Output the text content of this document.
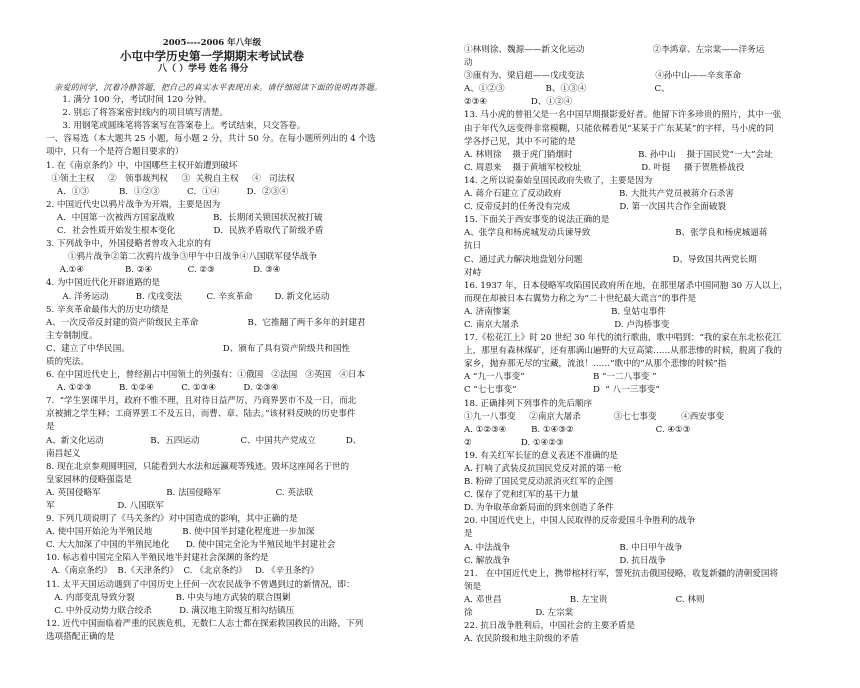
2005----2006 年八年级
小屯中学历史第一学期期末考试试卷
八（ ）学号 姓名 得分
亲爱的同学，沉着冷静答题，把自己的真实水平表现出来。请仔细阅读下面的说明再答题。
1. 满分 100 分，考试时间 120 分钟。
2. 别忘了将答案密封线内的项目填写清楚。
3. 用钢笔或圆珠笔将答案写在答案卷上。考试结束，只交答卷。
一、容易选（本大题共 25 小题，每小题 2 分，共计 50 分。在每小题所列出的 4 个选
项中，只有一个是符合题目要求的）
1. 在《南京条约》中，中国哪些主权开始遭到破坏
①领土主权     ②   领事裁判权     ③  关税自主权     ④   司法权
A．①③           B．①②③          C．①④          D．②③④
2. 中国近代史以鸦片战争为开端，主要是因为
A．中国第一次被西方国家战败              B．长期闭关锁国状况被打破
C．社会性质开始发生根本变化              D．民族矛盾取代了阶级矛盾
3. 下列战争中，外国侵略者曾攻入北京的有
①鸦片战争②第二次鸦片战争③甲午中日战争④八国联军侵华战争
A.①④               B. ②④             C. ②③              D. ③④
4. 为中国近代化开辟道路的是
A. 洋务运动          B. 戊戌变法         C. 辛亥革命        D. 新文化运动
5. 辛亥革命最伟大的历史功绩是
A、一次反帝反封建的资产阶级民主革命                  B、它推翻了两千多年的封建君
主专制制度。
C、建立了中华民国。                                  D、颁布了具有资产阶级共和国性
质的宪法。
6. 在中国近代史上，曾经割占中国领土的列强有：①俄国   ②法国   ③英国   ④日本
A. ①②③          B. ①②④          C. ①③④          D. ②③④
7.  “学生罢课半月，政府不惟不理，且对待日益严厉，乃商界罢市不及一日，而北
京被捕之学生释；工商界罢工不及五日，而曹、章、陆去。”该材料反映的历史事件
是
A、新文化运动                 B、五四运动               C、中国共产党成立           D、
南昌起义
8. 现在北京参观圆明园，只能看到大水法和远瀛观等残迹。毁坏这座闻名于世的
皇家园林的侵略强盗是
A. 英国侵略军                        B. 法国侵略军                    C. 英法联
军                       D. 八国联军
9. 下列几项说明了《马关条约》对中国造成的影响，其中正确的是
A. 使中国开始沦为半殖民地           B. 使中国半封建化程度进一步加深
C. 大大加深了中国的半殖民地化      D. 使中国完全沦为半殖民地半封建社会
10. 标志着中国完全陷入半殖民地半封建社会深渊的条约是
A.《南京条约》  B.《天津条约》  C. 《北京条约》   D. 《辛丑条约》
11. 太平天国运动遇到了中国历史上任何一次农民战争不曾遇到过的新情况，即：
A. 内部变乱导致分裂               B. 中央与地方武装的联合围剿
C. 中外反动势力联合绞杀          D. 满汉地主阶级互相勾结镇压
12. 近代中国面临着严重的民族危机，无数仁人志士都在探索救国救民的出路，下列
选项搭配正确的是
①林则徐、魏源——新文化运动                         ②李鸿章、左宗棠——洋务运
动
③康有为、梁启超——戊戌变法                          ④孙中山——辛亥革命
A、①②③               B、①③④                         C、
②③④                D、①②④
13. 马小虎的曾祖父是一名中国早期摄影爱好者。他留下许多珍贵的照片，其中一张
由于年代久远变得非常模糊，只能依稀看见“某某于广东某某”的字样，马小虎的同
学各抒己见，其中不可能的是
A. 林则徐    摄于虎门销烟时                        B. 孙中山    摄于国民党“一大”会址
C. 周恩来    摄于黄埔军校校址                      D. 叶挺     摄于贺胜桥战役
14. 之所以说秦始皇国民政府失败了，主要是因为
A. 蒋介石建立了反动政府                     B. 大批共产党员被蒋介石杀害
C. 反帝反封的任务没有完成                  D. 第一次国共合作全面破裂
15. 下面关于西安事变的说法正确的是
A、张学良和杨虎城发动兵谏导致                               B、张学良和杨虎城逼蒋
抗日
C、通过武力解决地盘划分问题                                 D、导致国共两党长期
对峙
16. 1937 年，日本侵略军攻陷国民政府所在地，在那里屠杀中国同胞 30 万人以上，
而现在却被日本右翼势力称之为“二十世纪最大谎言”的事件是
A. 济南惨案                                     B. 皇姑屯事件
C. 南京大屠杀                                   D. 卢沟桥事变
17.《松花江上》时 20 世纪 30 年代的流行歌曲，歌中唱到：“我的家在东北松花江
上，那里有森林煤矿，还有那满山遍野的大豆高粱……从那悲惨的时候，脱离了我的
家乡，抛弃那无尽的宝藏，流浪！……”歌中的“从那个悲惨的时候”指
A “九一八事变”                         B “一二八事变 ”
C “七七事变”                            D  “ 八一三事变”
18. 正确排列下列事件的先后顺序
①九一八事变     ②南京大屠杀            ③七七事变         ④西安事变
A. ①②③④         B. ①④③②                              C. ④①③
②                  D. ①④②③
19. 有关红军长征的意义表述不准确的是
A. 打响了武装反抗国民党反对派的第一枪
B. 粉碎了国民党反动派消灭红军的企图
C. 保存了党和红军的基干力量
D. 为争取革命新局面的到来创造了条件
20. 中国近代史上，中国人民取得的反帝爱国斗争胜利的战争
是
A. 中法战争                                        B. 中日甲午战争
C. 解放战争                                        D. 抗日战争
21.   在中国近代史上，携带棺材行军，誓死抗击俄国侵略，收复新疆的清朝爱国将
领是
A. 邓世昌                         B. 左宝贵                         C. 林则
徐                       D. 左宗棠
22. 抗日战争胜利后，中国社会的主要矛盾是
A. 农民阶级和地主阶级的矛盾
